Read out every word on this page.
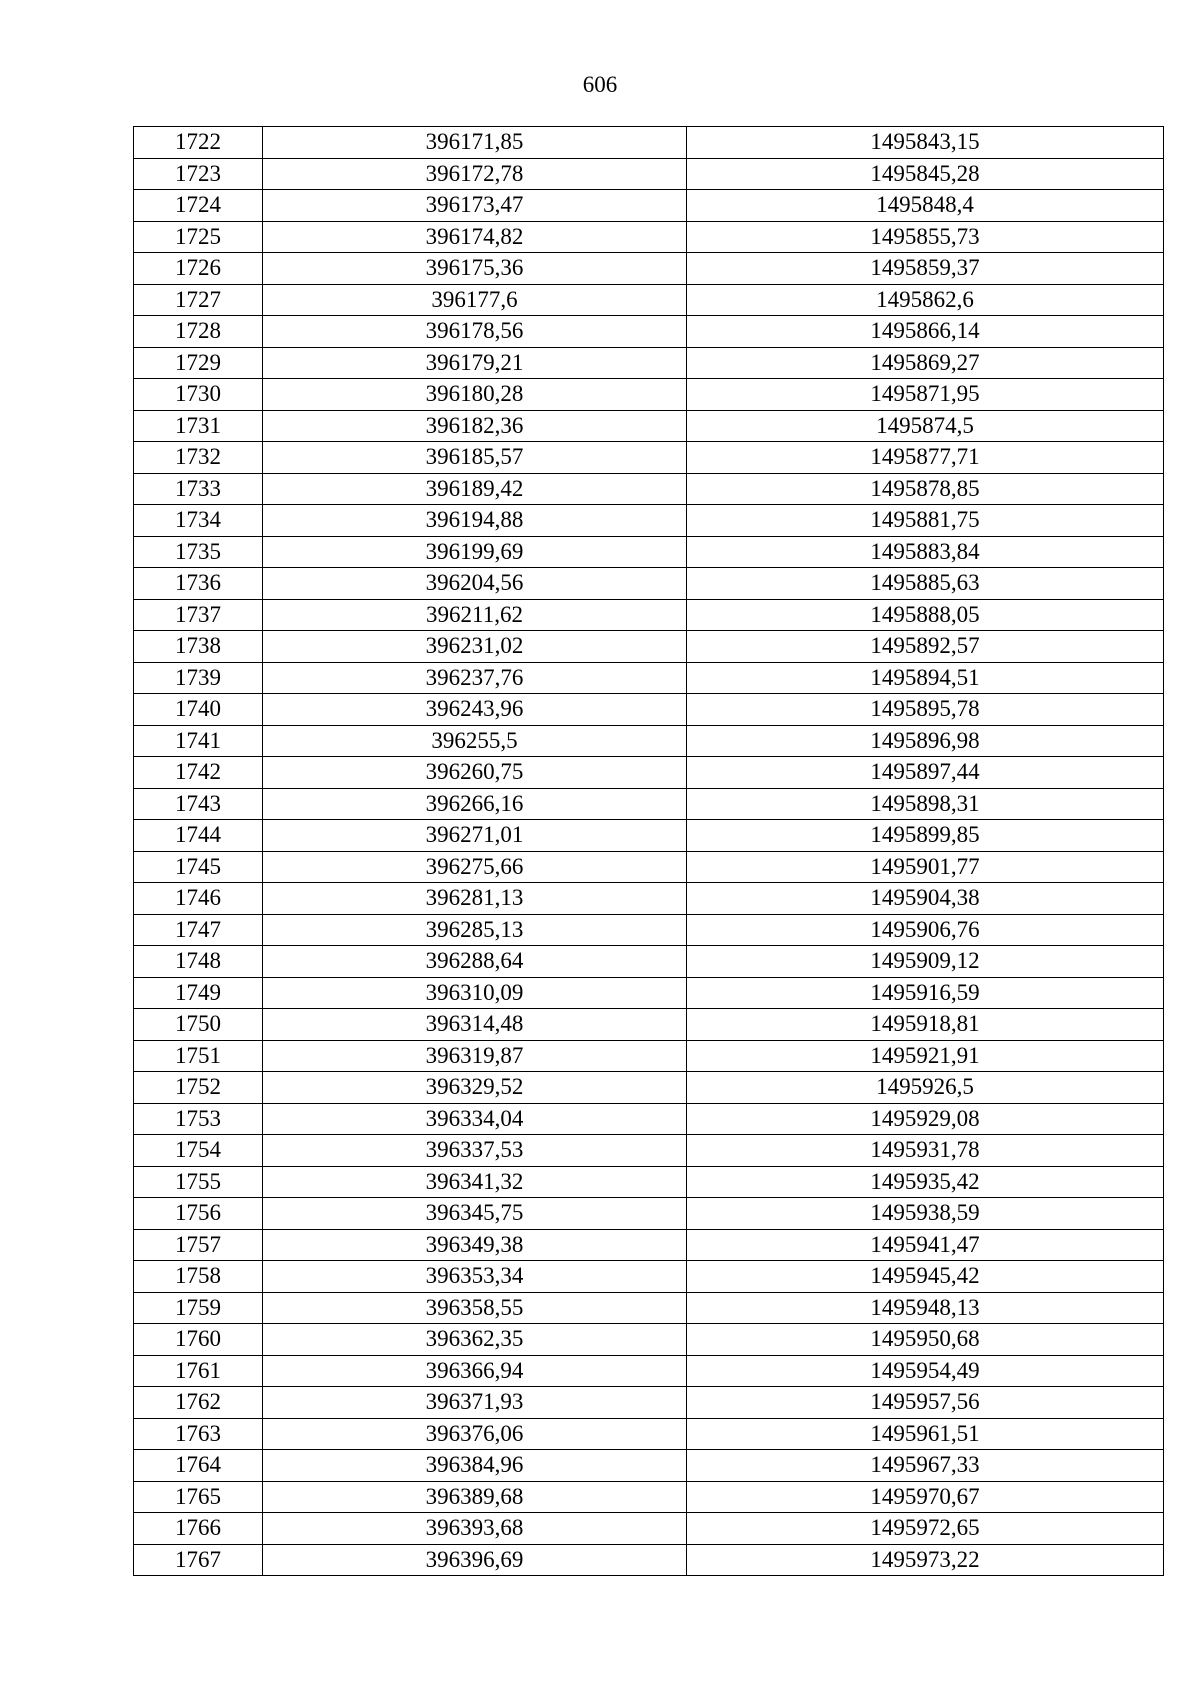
606
1722	396171,85	1495843,15
1723	396172,78	1495845,28
1724	396173,47	1495848,4
1725	396174,82	1495855,73
1726	396175,36	1495859,37
1727	396177,6	1495862,6
1728	396178,56	1495866,14
1729	396179,21	1495869,27
1730	396180,28	1495871,95
1731	396182,36	1495874,5
1732	396185,57	1495877,71
1733	396189,42	1495878,85
1734	396194,88	1495881,75
1735	396199,69	1495883,84
1736	396204,56	1495885,63
1737	396211,62	1495888,05
1738	396231,02	1495892,57
1739	396237,76	1495894,51
1740	396243,96	1495895,78
1741	396255,5	1495896,98
1742	396260,75	1495897,44
1743	396266,16	1495898,31
1744	396271,01	1495899,85
1745	396275,66	1495901,77
1746	396281,13	1495904,38
1747	396285,13	1495906,76
1748	396288,64	1495909,12
1749	396310,09	1495916,59
1750	396314,48	1495918,81
1751	396319,87	1495921,91
1752	396329,52	1495926,5
1753	396334,04	1495929,08
1754	396337,53	1495931,78
1755	396341,32	1495935,42
1756	396345,75	1495938,59
1757	396349,38	1495941,47
1758	396353,34	1495945,42
1759	396358,55	1495948,13
1760	396362,35	1495950,68
1761	396366,94	1495954,49
1762	396371,93	1495957,56
1763	396376,06	1495961,51
1764	396384,96	1495967,33
1765	396389,68	1495970,67
1766	396393,68	1495972,65
1767	396396,69	1495973,22
